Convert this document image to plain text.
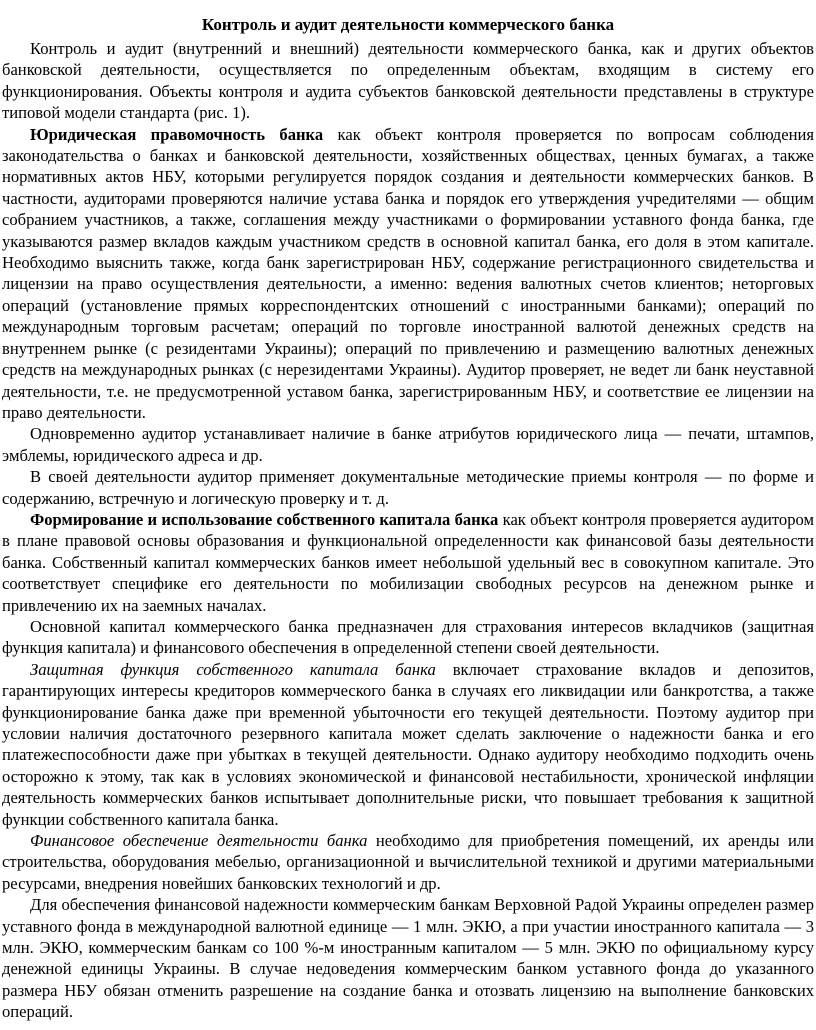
Контроль и аудит деятельности коммерческого банка

Контроль и аудит (внутренний и внешний) деятельности коммерческого банка, как и других объектов банковской деятельности, осуществляется по определенным объектам, входящим в систему его функционирования. Объекты контроля и аудита субъектов банковской деятельности представлены в структуре типовой модели стандарта (рис. 1).

Юридическая правомочность банка как объект контроля проверяется по вопросам соблюдения законодательства о банках и банковской деятельности, хозяйственных обществах, ценных бумагах, а также нормативных актов НБУ, которыми регулируется порядок создания и деятельности коммерческих банков. В частности, аудиторами проверяются наличие устава банка и порядок его утверждения учредителями — общим собранием участников, а также, соглашения между участниками о формировании уставного фонда банка, где указываются размер вкладов каждым участником средств в основной капитал банка, его доля в этом капитале. Необходимо выяснить также, когда банк зарегистрирован НБУ, содержание регистрационного свидетельства и лицензии на право осуществления деятельности, а именно: ведения валютных счетов клиентов; неторговых операций (установление прямых корреспондентских отношений с иностранными банками); операций по международным торговым расчетам; операций по торговле иностранной валютой денежных средств на внутреннем рынке (с резидентами Украины); операций по привлечению и размещению валютных денежных средств на международных рынках (с нерезидентами Украины). Аудитор проверяет, не ведет ли банк неуставной деятельности, т.е. не предусмотренной уставом банка, зарегистрированным НБУ, и соответствие ее лицензии на право деятельности.

Одновременно аудитор устанавливает наличие в банке атрибутов юридического лица — печати, штампов, эмблемы, юридического адреса и др.

В своей деятельности аудитор применяет документальные методические приемы контроля — по форме и содержанию, встречную и логическую проверку и т. д.

Формирование и использование собственного капитала банка как объект контроля проверяется аудитором в плане правовой основы образования и функциональной определенности как финансовой базы деятельности банка. Собственный капитал коммерческих банков имеет небольшой удельный вес в совокупном капитале. Это соответствует специфике его деятельности по мобилизации свободных ресурсов на денежном рынке и привлечению их на заемных началах.

Основной капитал коммерческого банка предназначен для страхования интересов вкладчиков (защитная функция капитала) и финансового обеспечения в определенной степени своей деятельности.

Защитная функция собственного капитала банка включает страхование вкладов и депозитов, гарантирующих интересы кредиторов коммерческого банка в случаях его ликвидации или банкротства, а также функционирование банка даже при временной убыточности его текущей деятельности. Поэтому аудитор при условии наличия достаточного резервного капитала может сделать заключение о надежности банка и его платежеспособности даже при убытках в текущей деятельности. Однако аудитору необходимо подходить очень осторожно к этому, так как в условиях экономической и финансовой нестабильности, хронической инфляции деятельность коммерческих банков испытывает дополнительные риски, что повышает требования к защитной функции собственного капитала банка.

Финансовое обеспечение деятельности банка необходимо для приобретения помещений, их аренды или строительства, оборудования мебелью, организационной и вычислительной техникой и другими материальными ресурсами, внедрения новейших банковских технологий и др.

Для обеспечения финансовой надежности коммерческим банкам Верховной Радой Украины определен размер уставного фонда в международной валютной единице — 1 млн. ЭКЮ, а при участии иностранного капитала — 3 млн. ЭКЮ, коммерческим банкам со 100 %-м иностранным капиталом — 5 млн. ЭКЮ по официальному курсу денежной единицы Украины. В случае недоведения коммерческим банком уставного фонда до указанного размера НБУ обязан отменить разрешение на создание банка и отозвать лицензию на выполнение банковских операций.
